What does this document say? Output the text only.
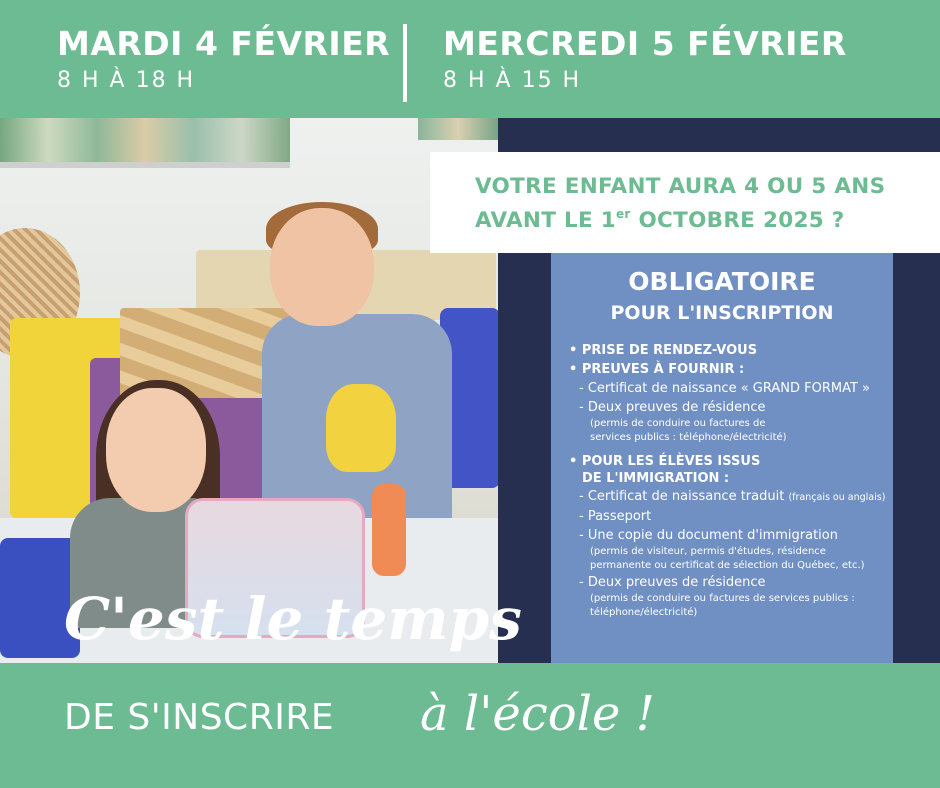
MARDI 4 FÉVRIER
8 H À 18 H
MERCREDI 5 FÉVRIER
8 H À 15 H
VOTRE ENFANT AURA 4 OU 5 ANS
AVANT LE 1er OCTOBRE 2025 ?
OBLIGATOIRE
POUR L'INSCRIPTION
• PRISE DE RENDEZ-VOUS
• PREUVES À FOURNIR :
- Certificat de naissance « GRAND FORMAT »
- Deux preuves de résidence
(permis de conduire ou factures de
services publics : téléphone/électricité)
• POUR LES ÉLÈVES ISSUS
DE L'IMMIGRATION :
- Certificat de naissance traduit (français ou anglais)
- Passeport
- Une copie du document d'immigration
(permis de visiteur, permis d'études, résidence
permanente ou certificat de sélection du Québec, etc.)
- Deux preuves de résidence
(permis de conduire ou factures de services publics :
téléphone/électricité)
C'est le temps
DE S'INSCRIRE à l'école !
